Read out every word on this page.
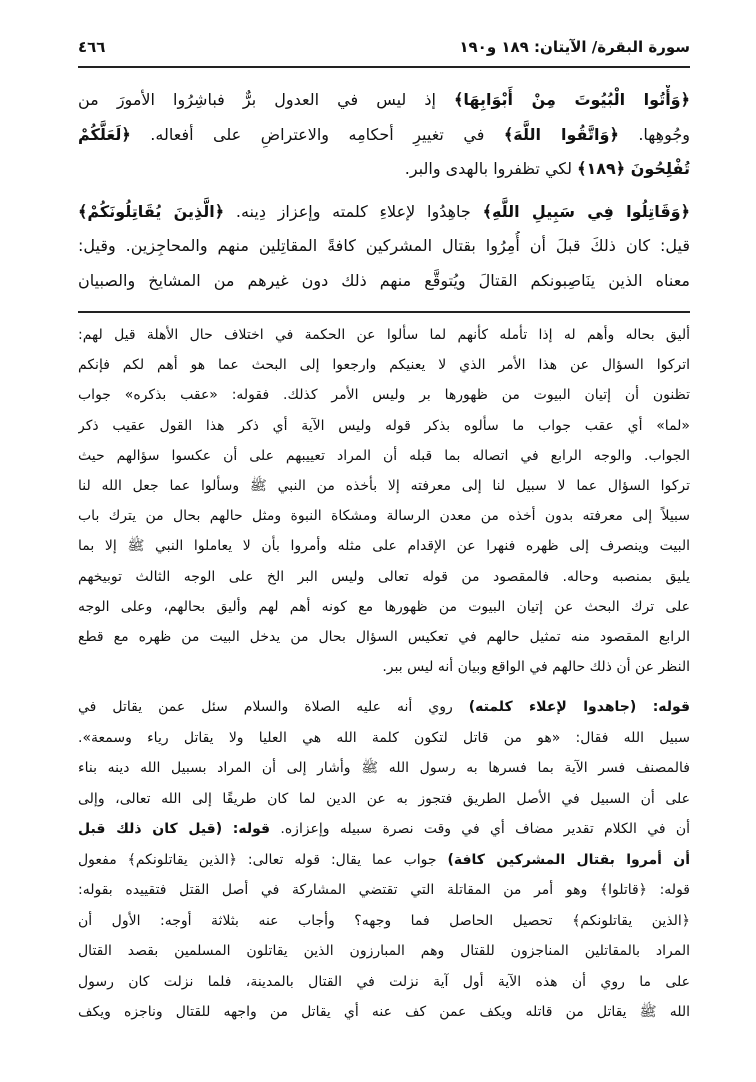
سورة البقرة/ الآيتان: ١٨٩ و١٩٠
٤٦٦
﴿وَأْتُوا الْبُيُوتَ مِنْ أَبْوَابِهَا﴾ إذ ليس في العدول برٌّ فباشِرُوا الأمورَ من
وجُوهِها. ﴿وَاتَّقُوا اللَّهَ﴾ في تغييرِ أحكامِه والاعتراضِ على أفعاله. ﴿لَعَلَّكُمْ
تُفْلِحُونَ ﴿١٨٩﴾ لكي تظفروا بالهدى والبر.
﴿وَقَاتِلُوا فِي سَبِيلِ اللَّهِ﴾ جاهِدُوا لإعلاءِ كلمته وإعزاز دِينه. ﴿الَّذِينَ يُقَاتِلُونَكُمْ﴾
قيل: كان ذلكَ قبلَ أن أُمِرُوا بقتال المشركين كافةً المقاتِلين منهم والمحاجِزين. وقيل:
معناه الذين ينَاصِبونكم القتالَ ويُتوقَّع منهم ذلك دون غيرهم من المشايخ والصبيان
أليق بحاله وأهم له إذا تأمله كأنهم لما سألوا عن الحكمة في اختلاف حال الأهلة قيل لهم:
اتركوا السؤال عن هذا الأمر الذي لا يعنيكم وارجعوا إلى البحث عما هو أهم لكم فإنكم
تظنون أن إتيان البيوت من ظهورها بر وليس الأمر كذلك. فقوله: «عقب بذكره» جواب
«لما» أي عقب جواب ما سألوه بذكر قوله وليس الآية أي ذكر هذا القول عقيب ذكر
الجواب. والوجه الرابع في اتصاله بما قبله أن المراد تعييبهم على أن عكسوا سؤالهم حيث
تركوا السؤال عما لا سبيل لنا إلى معرفته إلا بأخذه من النبي ﷺ وسألوا عما جعل الله لنا
سبيلاً إلى معرفته بدون أخذه من معدن الرسالة ومشكاة النبوة ومثل حالهم بحال من يترك باب
البيت وينصرف إلى ظهره فنهرا عن الإقدام على مثله وأمروا بأن لا يعاملوا النبي ﷺ إلا بما
يليق بمنصبه وحاله. فالمقصود من قوله تعالى وليس البر الخ على الوجه الثالث توبيخهم
على ترك البحث عن إتيان البيوت من ظهورها مع كونه أهم لهم وأليق بحالهم، وعلى الوجه
الرابع المقصود منه تمثيل حالهم في تعكيس السؤال بحال من يدخل البيت من ظهره مع قطع
النظر عن أن ذلك حالهم في الواقع وبيان أنه ليس ببر.
قوله: (جاهدوا لإعلاء كلمته) روي أنه عليه الصلاة والسلام سئل عمن يقاتل في
سبيل الله فقال: «هو من قاتل لتكون كلمة الله هي العليا ولا يقاتل رياء وسمعة».
فالمصنف فسر الآية بما فسرها به رسول الله ﷺ وأشار إلى أن المراد بسبيل الله دينه بناء
على أن السبيل في الأصل الطريق فتجوز به عن الدين لما كان طريقًا إلى الله تعالى، وإلى
أن في الكلام تقدير مضاف أي في وقت نصرة سبيله وإعزازه. قوله: (قيل كان ذلك قبل
أن أمروا بقتال المشركين كافة) جواب عما يقال: قوله تعالى: ﴿الذين يقاتلونكم﴾ مفعول
قوله: ﴿قاتلوا﴾ وهو أمر من المقاتلة التي تقتضي المشاركة في أصل القتل فتقييده بقوله:
﴿الذين يقاتلونكم﴾ تحصيل الحاصل فما وجهه؟ وأجاب عنه بثلاثة أوجه: الأول أن
المراد بالمقاتلين المناجزون للقتال وهم المبارزون الذين يقاتلون المسلمين بقصد القتال
على ما روي أن هذه الآية أول آية نزلت في القتال بالمدينة، فلما نزلت كان رسول
الله ﷺ يقاتل من قاتله ويكف عمن كف عنه أي يقاتل من واجهه للقتال وناجزه ويكف
